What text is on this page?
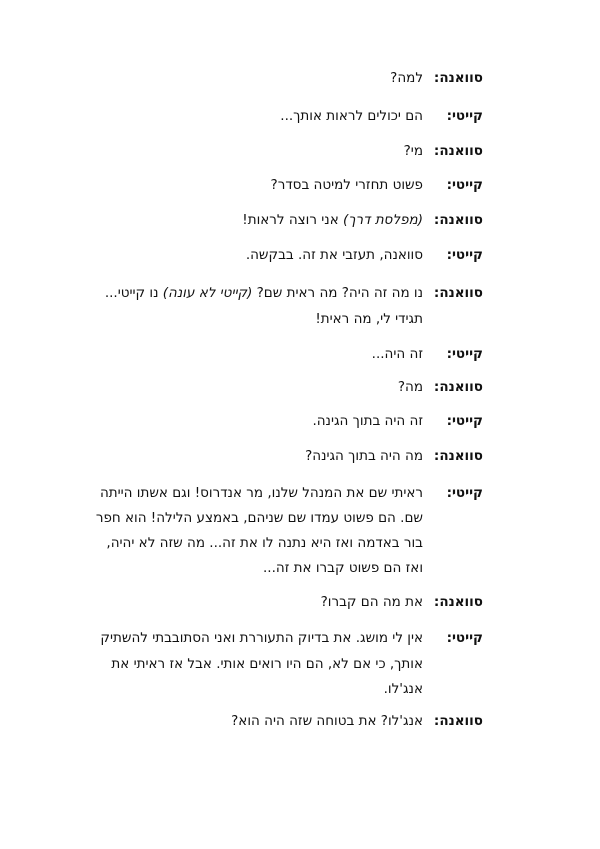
סוואנה:
למה?
קייטי:
הם יכולים לראות אותך...
סוואנה:
מי?
קייטי:
פשוט תחזרי למיטה בסדר?
סוואנה:
(מפלסת דרך) אני רוצה לראות!
קייטי:
סוואנה, תעזבי את זה. בבקשה.
סוואנה:
נו מה זה היה? מה ראית שם? (קייטי לא עונה) נו קייטי...
תגידי לי, מה ראית!
קייטי:
זה היה...
סוואנה:
מה?
קייטי:
זה היה בתוך הגינה.
סוואנה:
מה היה בתוך הגינה?
קייטי:
ראיתי שם את המנהל שלנו, מר אנדרוס! וגם אשתו הייתה
שם. הם פשוט עמדו שם שניהם, באמצע הלילה! הוא חפר
בור באדמה ואז היא נתנה לו את זה... מה שזה לא יהיה,
ואז הם פשוט קברו את זה...
סוואנה:
את מה הם קברו?
קייטי:
אין לי מושג. את בדיוק התעוררת ואני הסתובבתי להשתיק
אותך, כי אם לא, הם היו רואים אותי. אבל אז ראיתי את
אנג'לו.
סוואנה:
אנג'לו? את בטוחה שזה היה הוא?
